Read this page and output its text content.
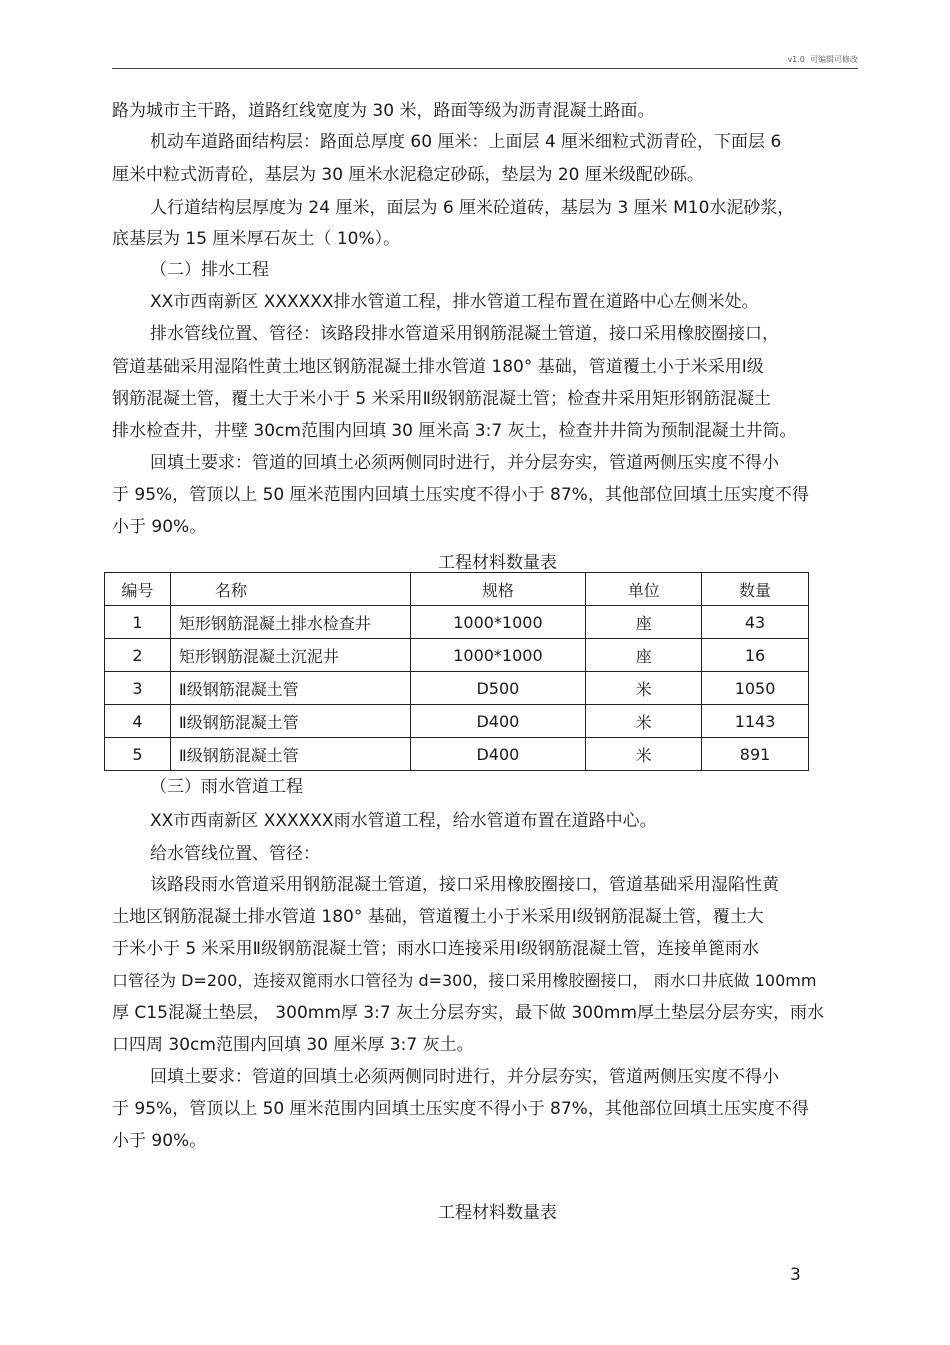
v1.0 可编辑可修改
路为城市主干路，道路红线宽度为 30 米，路面等级为沥青混凝土路面。
机动车道路面结构层：路面总厚度 60 厘米：上面层 4 厘米细粒式沥青砼，下面层 6
厘米中粒式沥青砼，基层为 30 厘米水泥稳定砂砾，垫层为 20 厘米级配砂砾。
人行道结构层厚度为 24 厘米，面层为 6 厘米砼道砖，基层为 3 厘米 M10水泥砂浆，
底基层为 15 厘米厚石灰土（ 10%）。
（二）排水工程
XX市西南新区 XXXXXX排水管道工程，排水管道工程布置在道路中心左侧米处。
排水管线位置、管径：该路段排水管道采用钢筋混凝土管道，接口采用橡胶圈接口，
管道基础采用湿陷性黄土地区钢筋混凝土排水管道 180° 基础，管道覆土小于米采用Ⅰ级
钢筋混凝土管，覆土大于米小于 5 米采用Ⅱ级钢筋混凝土管；检查井采用矩形钢筋混凝土
排水检查井，井壁 30cm范围内回填 30 厘米高 3:7 灰土，检查井井筒为预制混凝土井筒。
回填土要求：管道的回填土必须两侧同时进行，并分层夯实，管道两侧压实度不得小
于 95%，管顶以上 50 厘米范围内回填土压实度不得小于 87%，其他部位回填土压实度不得
小于 90%。
工程材料数量表
编号	名称	规格	单位	数量
1	矩形钢筋混凝土排水检查井	1000*1000	座	43
2	矩形钢筋混凝土沉泥井	1000*1000	座	16
3	Ⅱ级钢筋混凝土管	D500	米	1050
4	Ⅱ级钢筋混凝土管	D400	米	1143
5	Ⅱ级钢筋混凝土管	D400	米	891
（三）雨水管道工程
XX市西南新区 XXXXXX雨水管道工程，给水管道布置在道路中心。
给水管线位置、管径：
该路段雨水管道采用钢筋混凝土管道，接口采用橡胶圈接口，管道基础采用湿陷性黄
土地区钢筋混凝土排水管道 180° 基础，管道覆土小于米采用Ⅰ级钢筋混凝土管，覆土大
于米小于 5 米采用Ⅱ级钢筋混凝土管；雨水口连接采用Ⅰ级钢筋混凝土管，连接单篦雨水
口管径为 D=200，连接双篦雨水口管径为 d=300，接口采用橡胶圈接口， 雨水口井底做 100mm
厚 C15混凝土垫层， 300mm厚 3:7 灰土分层夯实，最下做 300mm厚土垫层分层夯实，雨水
口四周 30cm范围内回填 30 厘米厚 3:7 灰土。
回填土要求：管道的回填土必须两侧同时进行，并分层夯实，管道两侧压实度不得小
于 95%，管顶以上 50 厘米范围内回填土压实度不得小于 87%，其他部位回填土压实度不得
小于 90%。
工程材料数量表
3
